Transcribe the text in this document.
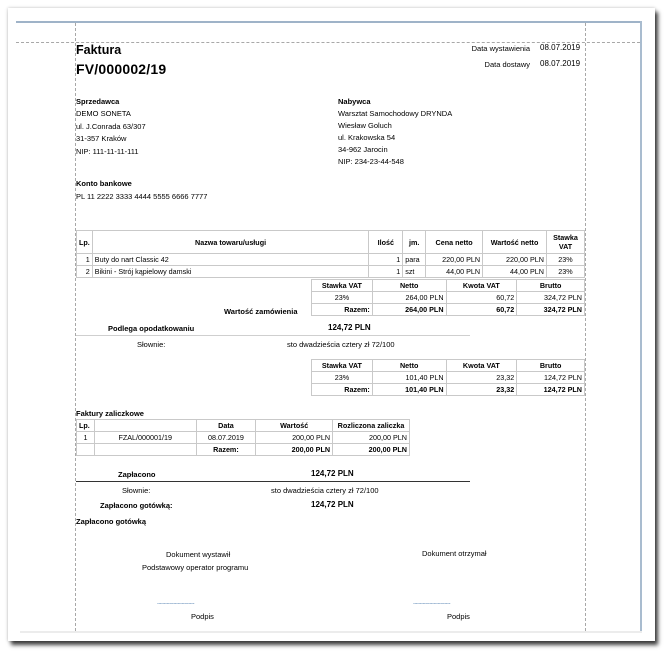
Faktura
FV/000002/19
Data wystawienia 08.07.2019
Data dostawy 08.07.2019
Sprzedawca
DEMO SONETA
ul. J.Conrada 63/307
31-357 Kraków
NIP: 111-11-11-111
Nabywca
Warsztat Samochodowy DRYNDA
Wiesław Goluch
ul. Krakowska 54
34-962 Jarocin
NIP: 234-23-44-548
Konto bankowe
PL 11 2222 3333 4444 5555 6666 7777
Lp.	Nazwa towaru/usługi	Ilość	jm.	Cena netto	Wartość netto	Stawka VAT
1	Buty do nart Classic 42	1	para	220,00 PLN	220,00 PLN	23%
2	Bikini - Strój kąpielowy damski	1	szt	44,00 PLN	44,00 PLN	23%
Wartość zamówienia
Stawka VAT	Netto	Kwota VAT	Brutto
23%	264,00 PLN	60,72	324,72 PLN
Razem:	264,00 PLN	60,72	324,72 PLN
Podlega opodatkowaniu	124,72 PLN
Słownie:	sto dwadzieścia cztery zł 72/100
Stawka VAT	Netto	Kwota VAT	Brutto
23%	101,40 PLN	23,32	124,72 PLN
Razem:	101,40 PLN	23,32	124,72 PLN
Faktury zaliczkowe
Lp.		Data	Wartość	Rozliczona zaliczka
1	FZAL/000001/19	08.07.2019	200,00 PLN	200,00 PLN
		Razem:	200,00 PLN	200,00 PLN
Zapłacono	124,72 PLN
Słownie:	sto dwadzieścia cztery zł 72/100
Zapłacono gotówką:	124,72 PLN
Zapłacono gotówką
Dokument wystawił
Podstawowy operator programu
...............................................
Podpis
Dokument otrzymał
...............................................
Podpis
